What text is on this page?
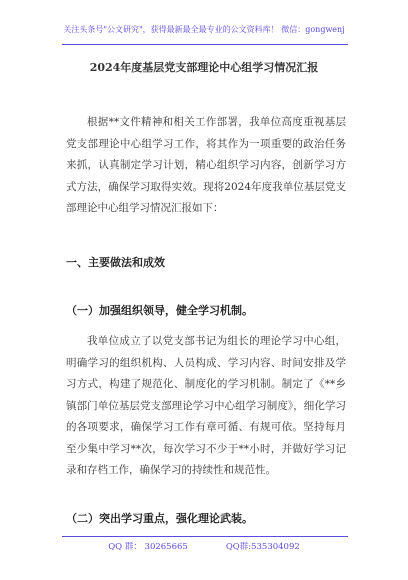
关注头条号"公文研究"，获得最新最全最专业的公文资料库！ 微信：gongwenj
2024年度基层党支部理论中心组学习情况汇报

根据**文件精神和相关工作部署，我单位高度重视基层党支部理论中心组学习工作，将其作为一项重要的政治任务来抓，认真制定学习计划，精心组织学习内容，创新学习方式方法，确保学习取得实效。现将2024年度我单位基层党支部理论中心组学习情况汇报如下：

一、主要做法和成效
（一）加强组织领导，健全学习机制。

我单位成立了以党支部书记为组长的理论学习中心组，明确学习的组织机构、人员构成、学习内容、时间安排及学习方式，构建了规范化、制度化的学习机制。制定了《**乡镇部门单位基层党支部理论学习中心组学习制度》，细化学习的各项要求，确保学习工作有章可循、有规可依。坚持每月至少集中学习**次，每次学习不少于**小时，并做好学习记录和存档工作，确保学习的持续性和规范性。

（二）突出学习重点，强化理论武装。
QQ 群： 30265665	QQ群:535304092
